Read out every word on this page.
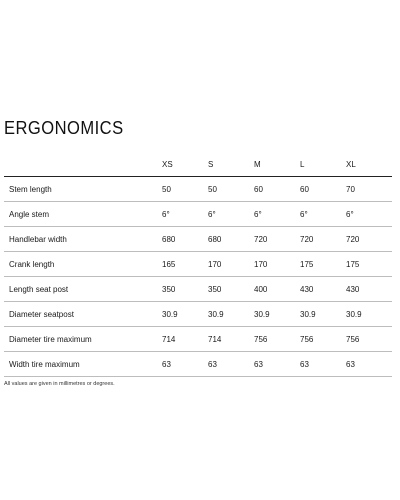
ERGONOMICS
	XS	S	M	L	XL
Stem length	50	50	60	60	70
Angle stem	6°	6°	6°	6°	6°
Handlebar width	680	680	720	720	720
Crank length	165	170	170	175	175
Length seat post	350	350	400	430	430
Diameter seatpost	30.9	30.9	30.9	30.9	30.9
Diameter tire maximum	714	714	756	756	756
Width tire maximum	63	63	63	63	63
All values are given in millimetres or degrees.
